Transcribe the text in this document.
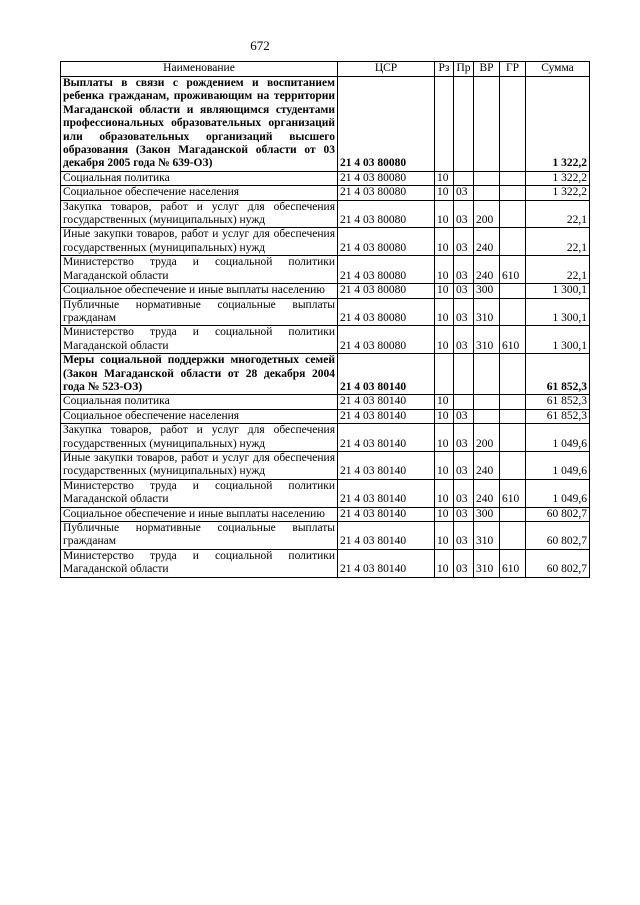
672
Наименование	ЦСР	Рз	Пр	ВР	ГР	Сумма
Выплаты в связи с рождением и воспитанием ребенка гражданам, проживающим на территории Магаданской области и являющимся студентами профессиональных образовательных организаций или образовательных организаций высшего образования (Закон Магаданской области от 03 декабря 2005 года № 639-ОЗ)	21 4 03 80080					1 322,2
Социальная политика	21 4 03 80080	10				1 322,2
Социальное обеспечение населения	21 4 03 80080	10	03			1 322,2
Закупка товаров, работ и услуг для обеспечения государственных (муниципальных) нужд	21 4 03 80080	10	03	200		22,1
Иные закупки товаров, работ и услуг для обеспечения государственных (муниципальных) нужд	21 4 03 80080	10	03	240		22,1
Министерство труда и социальной политики Магаданской области	21 4 03 80080	10	03	240	610	22,1
Социальное обеспечение и иные выплаты населению	21 4 03 80080	10	03	300		1 300,1
Публичные нормативные социальные выплаты гражданам	21 4 03 80080	10	03	310		1 300,1
Министерство труда и социальной политики Магаданской области	21 4 03 80080	10	03	310	610	1 300,1
Меры социальной поддержки многодетных семей (Закон Магаданской области от 28 декабря 2004 года № 523-ОЗ)	21 4 03 80140					61 852,3
Социальная политика	21 4 03 80140	10				61 852,3
Социальное обеспечение населения	21 4 03 80140	10	03			61 852,3
Закупка товаров, работ и услуг для обеспечения государственных (муниципальных) нужд	21 4 03 80140	10	03	200		1 049,6
Иные закупки товаров, работ и услуг для обеспечения государственных (муниципальных) нужд	21 4 03 80140	10	03	240		1 049,6
Министерство труда и социальной политики Магаданской области	21 4 03 80140	10	03	240	610	1 049,6
Социальное обеспечение и иные выплаты населению	21 4 03 80140	10	03	300		60 802,7
Публичные нормативные социальные выплаты гражданам	21 4 03 80140	10	03	310		60 802,7
Министерство труда и социальной политики Магаданской области	21 4 03 80140	10	03	310	610	60 802,7
